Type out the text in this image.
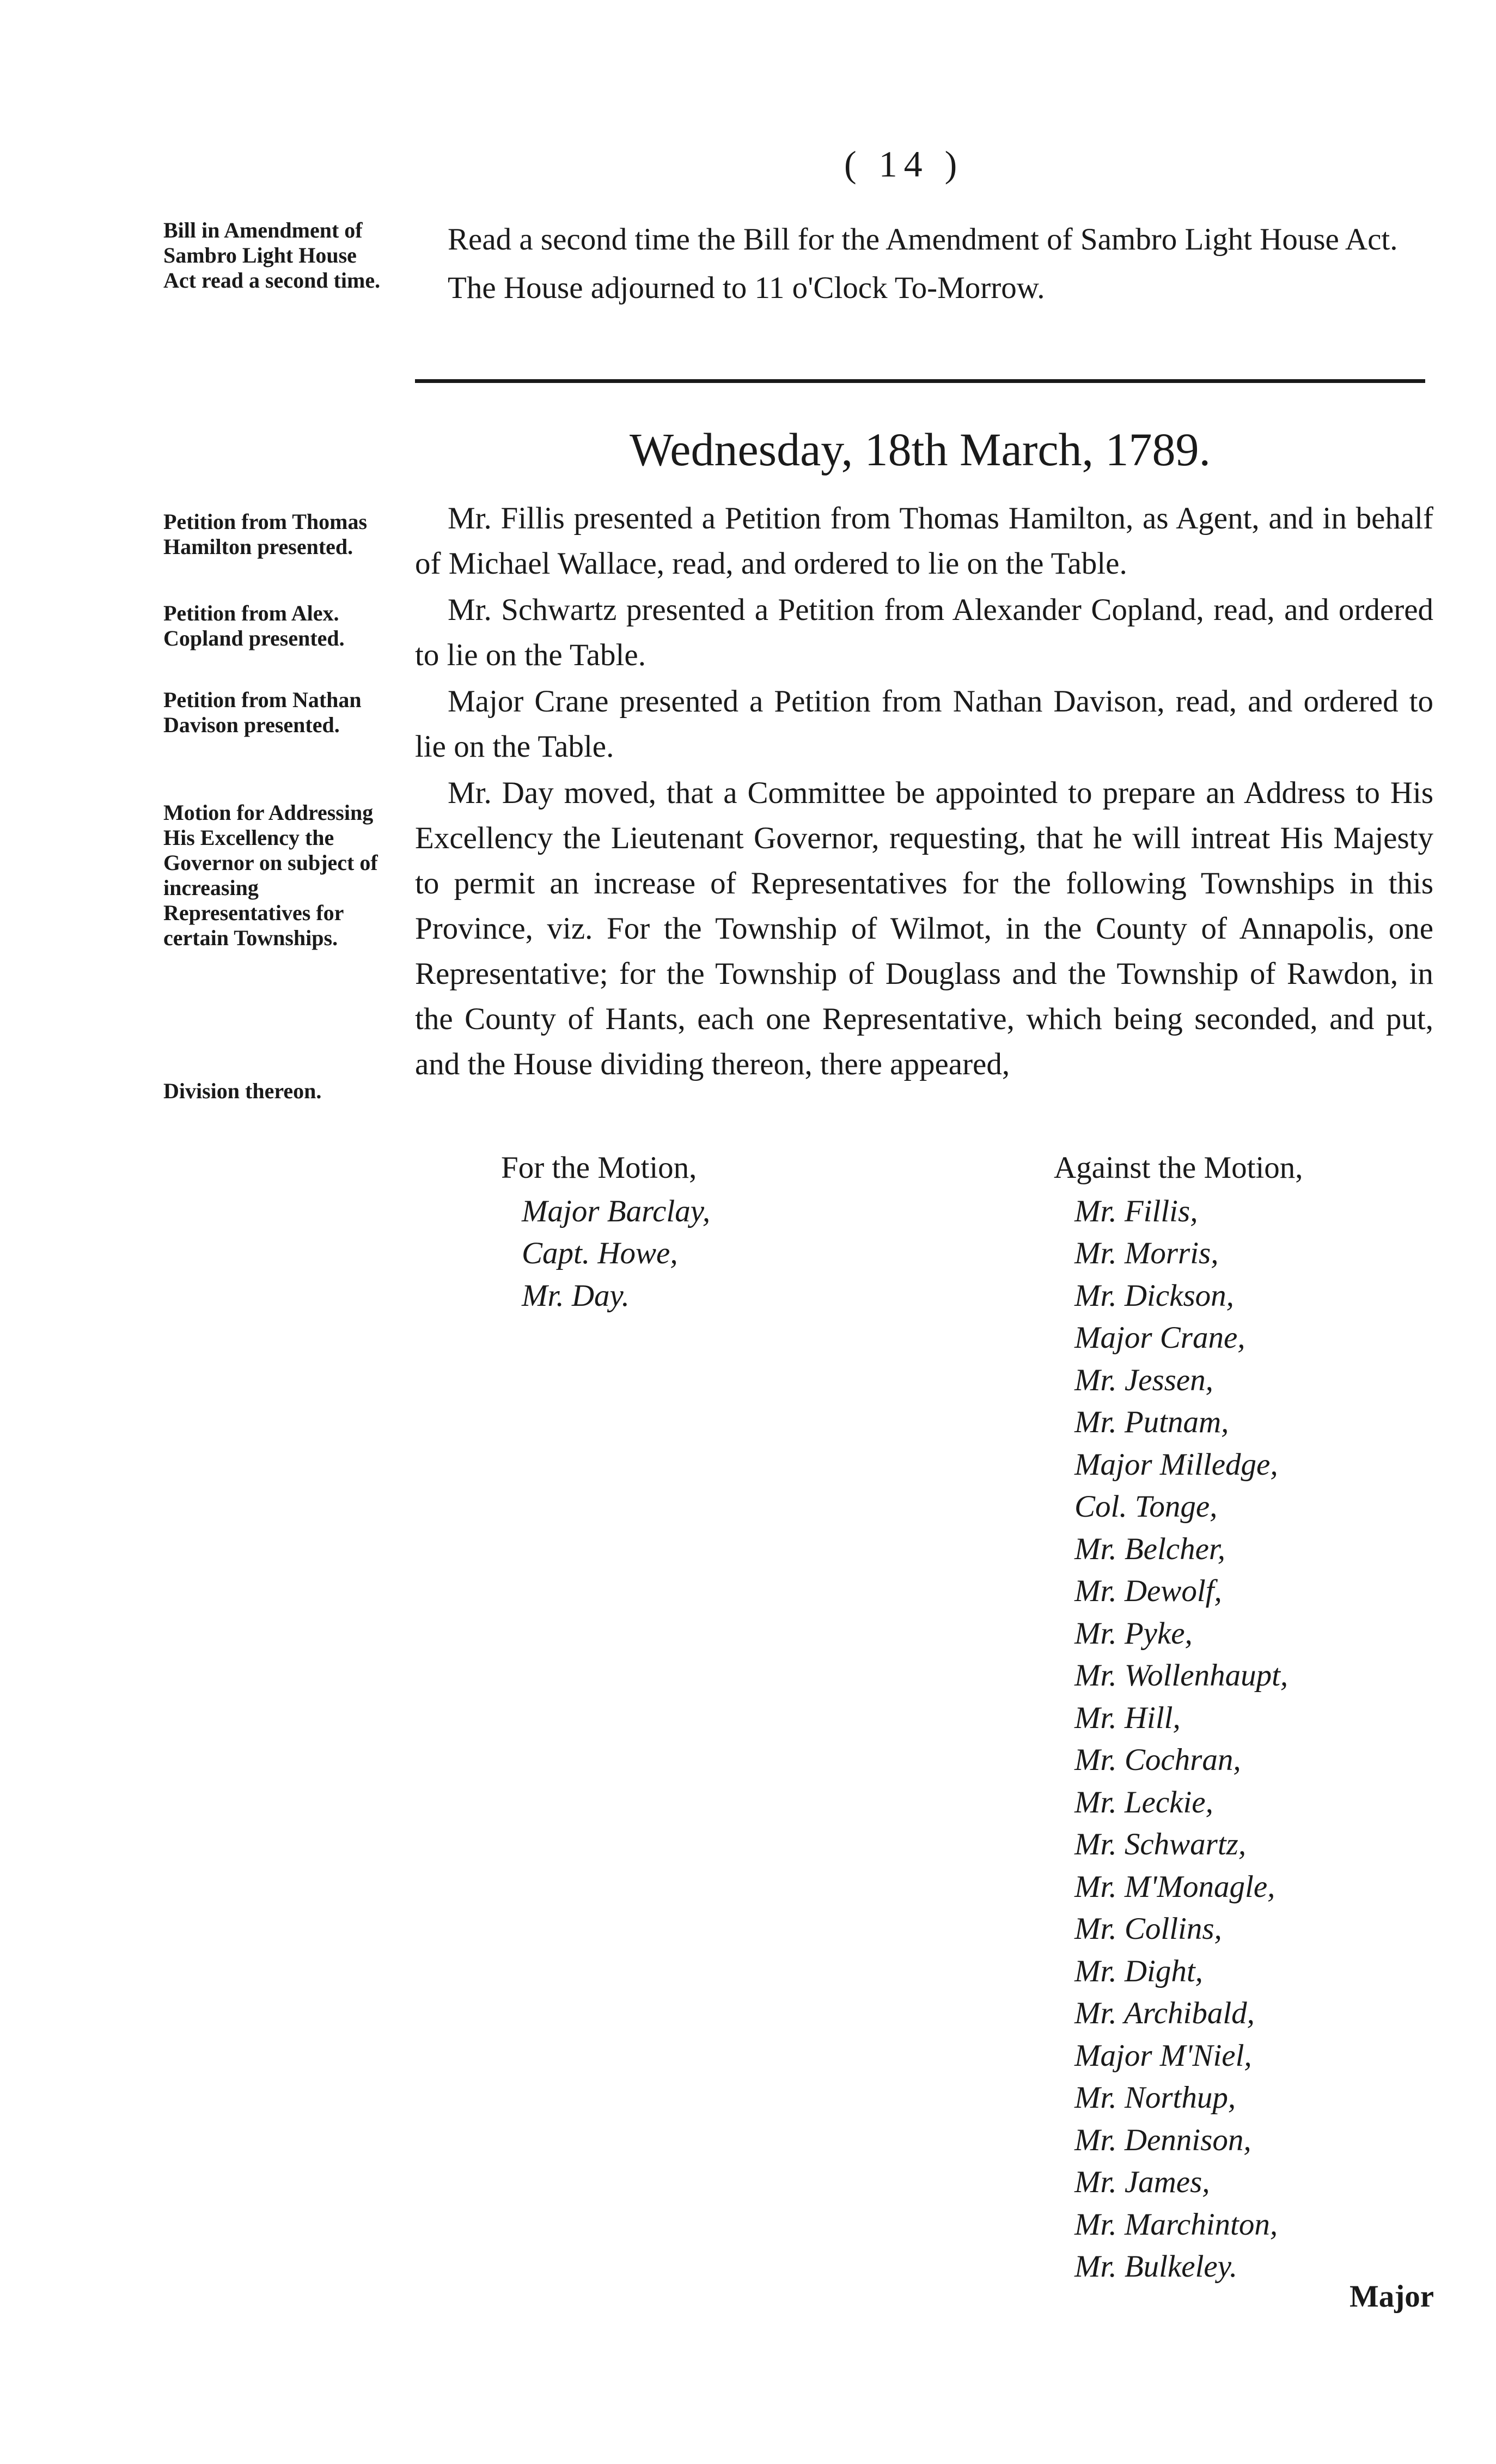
( 14 )
Bill in Amendment of Sambro Light House Act read a second time.
Petition from Thomas Hamilton presented.
Petition from Alex. Copland presented.
Petition from Nathan Davison presented.
Motion for Addressing His Excellency the Governor on subject of increasing Representatives for certain Townships.
Division thereon.

Read a second time the Bill for the Amendment of Sambro Light House Act.

The House adjourned to 11 o'Clock To-Morrow.

Wednesday, 18th March, 1789.

Mr. Fillis presented a Petition from Thomas Hamilton, as Agent, and in behalf of Michael Wallace, read, and ordered to lie on the Table.

Mr. Schwartz presented a Petition from Alexander Copland, read, and ordered to lie on the Table.

Major Crane presented a Petition from Nathan Davison, read, and ordered to lie on the Table.

Mr. Day moved, that a Committee be appointed to prepare an Address to His Excellency the Lieutenant Governor, requesting, that he will intreat His Majesty to permit an increase of Representatives for the following Townships in this Province, viz. For the Township of Wilmot, in the County of Annapolis, one Representative; for the Township of Douglass and the Township of Rawdon, in the County of Hants, each one Representative, which being seconded, and put, and the House dividing thereon, there appeared,

For the Motion,
Major Barclay,
Capt. Howe,
Mr. Day.
Against the Motion,
Mr. Fillis,
Mr. Morris,
Mr. Dickson,
Major Crane,
Mr. Jessen,
Mr. Putnam,
Major Milledge,
Col. Tonge,
Mr. Belcher,
Mr. Dewolf,
Mr. Pyke,
Mr. Wollenhaupt,
Mr. Hill,
Mr. Cochran,
Mr. Leckie,
Mr. Schwartz,
Mr. M'Monagle,
Mr. Collins,
Mr. Dight,
Mr. Archibald,
Major M'Niel,
Mr. Northup,
Mr. Dennison,
Mr. James,
Mr. Marchinton,
Mr. Bulkeley.
Major
